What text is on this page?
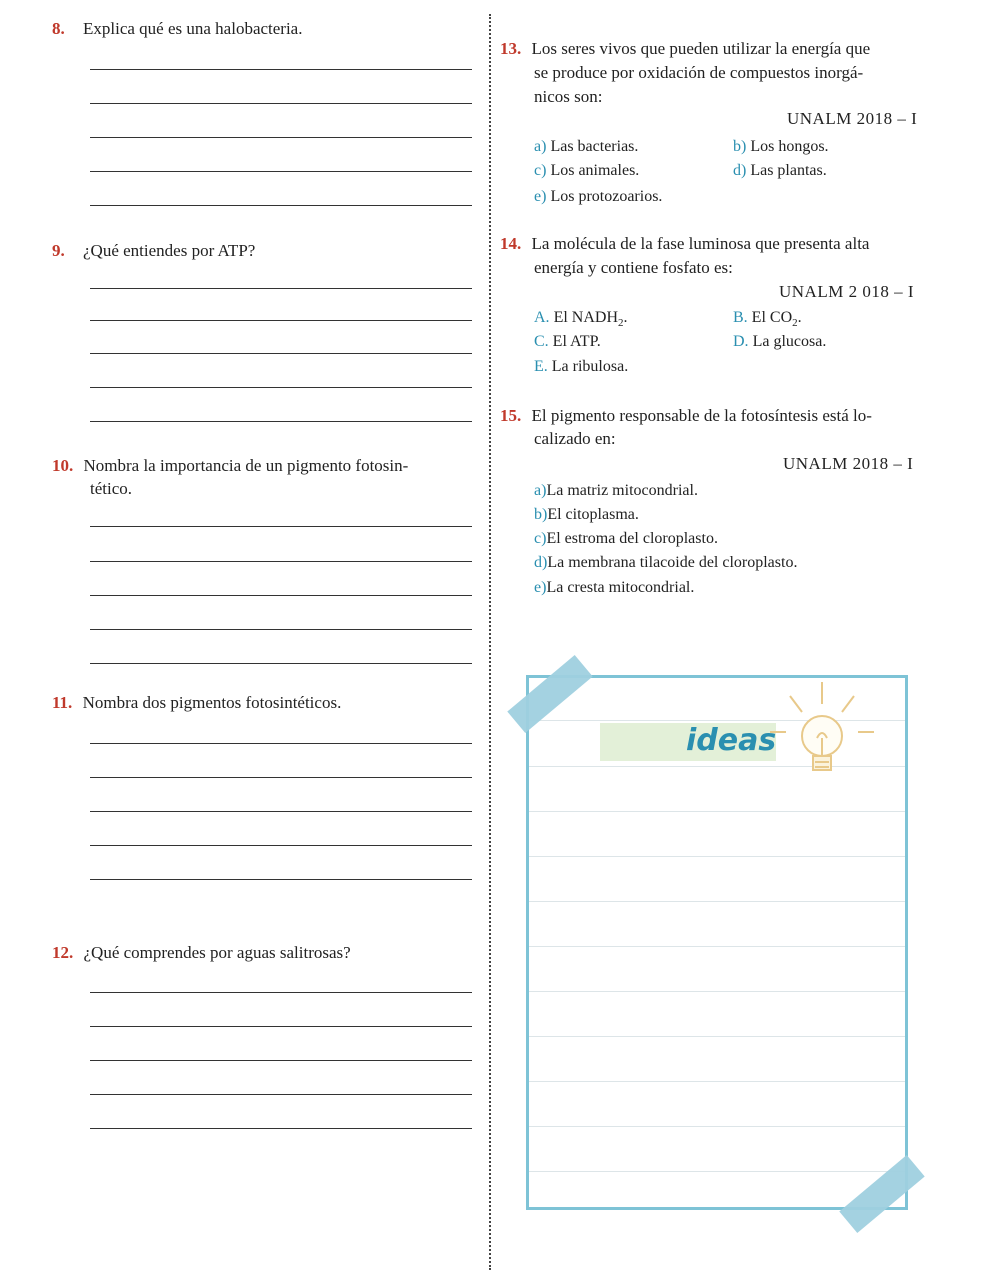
8. Explica qué es una halobacteria.
9. ¿Qué entiendes por ATP?
10. Nombra la importancia de un pigmento fotosin-
tético.
11. Nombra dos pigmentos fotosintéticos.
12. ¿Qué comprendes por aguas salitrosas?
13. Los seres vivos que pueden utilizar la energía que
se produce por oxidación de compuestos inorgá-
nicos son:
UNALM 2018 – I
a) Las bacterias.	b) Los hongos.
c) Los animales.	d) Las plantas.
e) Los protozoarios.
14. La molécula de la fase luminosa que presenta alta
energía y contiene fosfato es:
UNALM 2 018 – I
A. El $NADH_2$.	B. El $CO_2$.
C. El ATP.	D. La glucosa.
E. La ribulosa.
15. El pigmento responsable de la fotosíntesis está lo-
calizado en:
UNALM 2018 – I
a)La matriz mitocondrial.
b)El citoplasma.
c)El estroma del cloroplasto.
d)La membrana tilacoide del cloroplasto.
e)La cresta mitocondrial.
ideas
